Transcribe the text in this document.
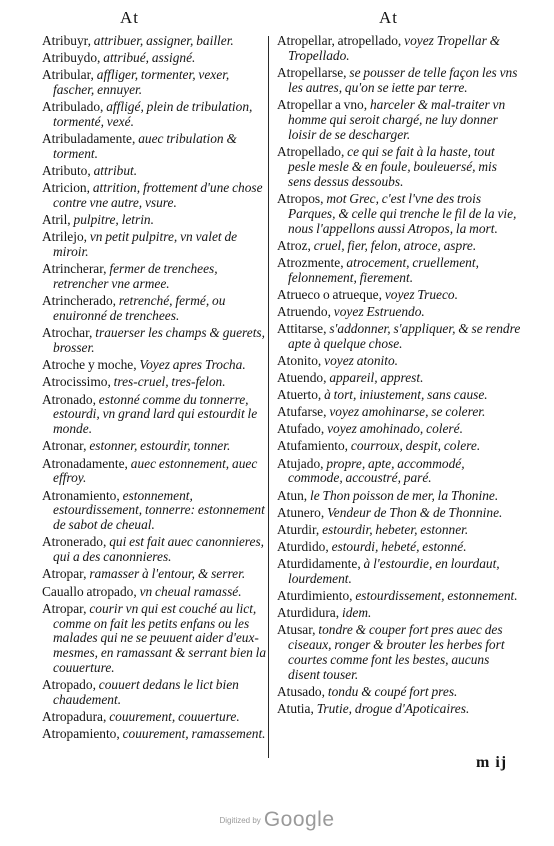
At	At

Atribuyr, attribuer, assigner, bailler.

Atribuydo, attribué, assigné.

Atribular, affliger, tormenter, vexer, fascher, ennuyer.

Atribulado, affligé, plein de tribulation, tormenté, vexé.

Atribuladamente, auec tribulation & torment.

Atributo, attribut.

Atricion, attrition, frottement d'une chose contre vne autre, vsure.

Atril, pulpitre, letrin.

Atrilejo, vn petit pulpitre, vn valet de miroir.

Atrincherar, fermer de trenchees, retrencher vne armee.

Atrincherado, retrenché, fermé, ou enuironné de trenchees.

Atrochar, trauerser les champs & guerets, brosser.

Atroche y moche, Voyez apres Trocha.

Atrocissimo, tres-cruel, tres-felon.

Atronado, estonné comme du tonnerre, estourdi, vn grand lard qui estourdit le monde.

Atronar, estonner, estourdir, tonner.

Atronadamente, auec estonnement, auec effroy.

Atronamiento, estonnement, estourdissement, tonnerre: estonnement de sabot de cheual.

Atronerado, qui est fait auec canonnieres, qui a des canonnieres.

Atropar, ramasser à l'entour, & serrer.

Cauallo atropado, vn cheual ramassé.

Atropar, courir vn qui est couché au lict, comme on fait les petits enfans ou les malades qui ne se peuuent aider d'eux-mesmes, en ramassant & serrant bien la couuerture.

Atropado, couuert dedans le lict bien chaudement.

Atropadura, couurement, couuerture.

Atropamiento, couurement, ramassement.

Atropellar, atropellado, voyez Tropellar & Tropellado.

Atropellarse, se pousser de telle façon les vns les autres, qu'on se iette par terre.

Atropellar a vno, harceler & mal-traiter vn homme qui seroit chargé, ne luy donner loisir de se descharger.

Atropellado, ce qui se fait à la haste, tout pesle mesle & en foule, bouleuersé, mis sens dessus dessoubs.

Atropos, mot Grec, c'est l'vne des trois Parques, & celle qui trenche le fil de la vie, nous l'appellons aussi Atropos, la mort.

Atroz, cruel, fier, felon, atroce, aspre.

Atrozmente, atrocement, cruellement, felonnement, fierement.

Atrueco o atrueque, voyez Trueco.

Atruendo, voyez Estruendo.

Attitarse, s'addonner, s'appliquer, & se rendre apte à quelque chose.

Atonito, voyez atonito.

Atuendo, appareil, apprest.

Atuerto, à tort, iniustement, sans cause.

Atufarse, voyez amohinarse, se colerer.

Atufado, voyez amohinado, coleré.

Atufamiento, courroux, despit, colere.

Atujado, propre, apte, accommodé, commode, accoustré, paré.

Atun, le Thon poisson de mer, la Thonine.

Atunero, Vendeur de Thon & de Thonnine.

Aturdir, estourdir, hebeter, estonner.

Aturdido, estourdi, hebeté, estonné.

Aturdidamente, à l'estourdie, en lourdaut, lourdement.

Aturdimiento, estourdissement, estonnement.

Aturdidura, idem.

Atusar, tondre & couper fort pres auec des ciseaux, ronger & brouter les herbes fort courtes comme font les bestes, aucuns disent touser.

Atusado, tondu & coupé fort pres.

Atutia, Trutie, drogue d'Apoticaires.

m ij
Digitized by Google
